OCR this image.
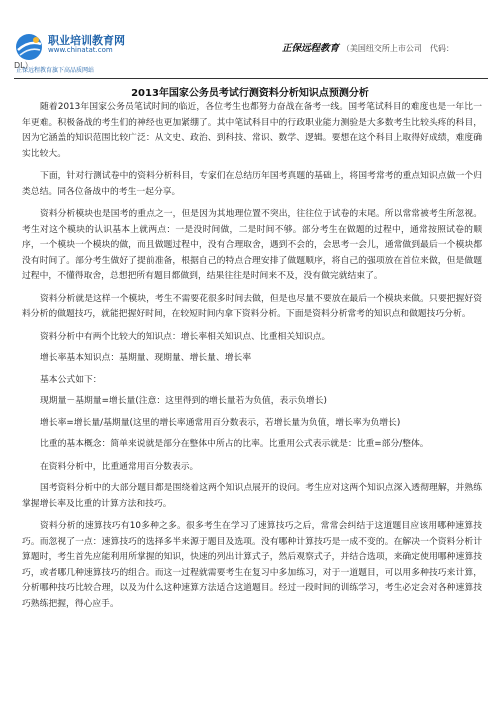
职业培训教育网
www.chinatat.com
正保远程教育旗下高品质网站
正保远程教育 （美国纽交所上市公司　代码：
DL）
2013年国家公务员考试行测资料分析知识点预测分析

随着2013年国家公务员笔试时间的临近，各位考生也都努力奋战在备考一线。国考笔试科目的难度也是一年比一年更难。积极备战的考生们的神经也更加紧绷了。其中笔试科目中的行政职业能力测验是大多数考生比较头疼的科目，因为它涵盖的知识范围比较广泛：从文史、政治、到科技、常识、数学、逻辑。要想在这个科目上取得好成绩，难度确实比较大。

下面，针对行测试卷中的资料分析科目，专家们在总结历年国考真题的基础上，将国考常考的重点知识点做一个归类总结。同各位备战中的考生一起分享。

资料分析模块也是国考的重点之一，但是因为其地理位置不突出，往往位于试卷的末尾。所以常常被考生所忽视。考生对这个模块的认识基本上就两点：一是没时间做，二是时间不够。部分考生在做题的过程中，通常按照试卷的顺序，一个模块一个模块的做，而且做题过程中，没有合理取舍，遇到不会的，会思考一会儿，通常做到最后一个模块都没有时间了。部分考生做好了提前准备，根据自己的特点合理安排了做题顺序，将自己的强项放在首位来做，但是做题过程中，不懂得取舍，总想把所有题目都做到，结果往往是时间来不及，没有做完就结束了。

资料分析就是这样一个模块，考生不需要花很多时间去做，但是也尽量不要放在最后一个模块来做。只要把握好资料分析的做题技巧，就能把握好时间，在较短时间内拿下资料分析。下面是资料分析常考的知识点和做题技巧分析。

资料分析中有两个比较大的知识点：增长率相关知识点、比重相关知识点。

增长率基本知识点：基期量、现期量、增长量、增长率

基本公式如下：

现期量－基期量=增长量(注意：这里得到的增长量若为负值，表示负增长)

增长率=增长量/基期量(这里的增长率通常用百分数表示，若增长量为负值，增长率为负增长)

比重的基本概念：简单来说就是部分在整体中所占的比率。比重用公式表示就是：比重=部分/整体。

在资料分析中，比重通常用百分数表示。

国考资料分析中的大部分题目都是围绕着这两个知识点展开的设问。考生应对这两个知识点深入透彻理解，并熟练掌握增长率及比重的计算方法和技巧。

资料分析的速算技巧有10多种之多。很多考生在学习了速算技巧之后，常常会纠结于这道题目应该用哪种速算技巧。而忽视了一点：速算技巧的选择多半来源于题目及选项。没有哪种计算技巧是一成不变的。在解决一个资料分析计算题时，考生首先应能利用所掌握的知识，快速的列出计算式子，然后观察式子，并结合选项，来确定使用哪种速算技巧，或者哪几种速算技巧的组合。而这一过程就需要考生在复习中多加练习，对于一道题目，可以用多种技巧来计算，分析哪种技巧比较合理，以及为什么这种速算方法适合这道题目。经过一段时间的训练学习，考生必定会对各种速算技巧熟练把握，得心应手。
